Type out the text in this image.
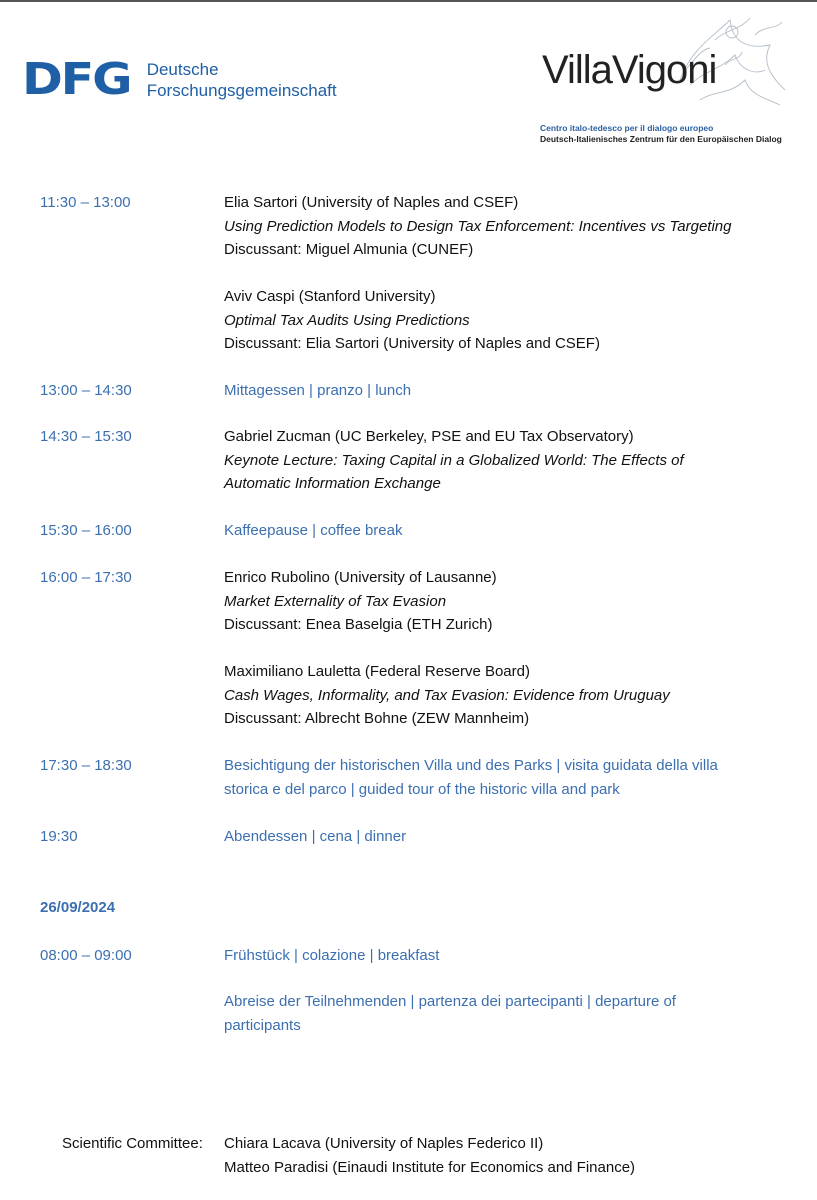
DFG Deutsche
Forschungsgemeinschaft	VillaVigoni
Centro italo-tedesco per il dialogo europeo
Deutsch-Italienisches Zentrum für den Europäischen Dialog
11:30 – 13:00	Elia Sartori (University of Naples and CSEF)
Using Prediction Models to Design Tax Enforcement: Incentives vs Targeting
Discussant: Miguel Almunia (CUNEF)
Aviv Caspi (Stanford University)
Optimal Tax Audits Using Predictions
Discussant: Elia Sartori (University of Naples and CSEF)
13:00 – 14:30	Mittagessen | pranzo | lunch
14:30 – 15:30	Gabriel Zucman (UC Berkeley, PSE and EU Tax Observatory)
Keynote Lecture: Taxing Capital in a Globalized World: The Effects of
Automatic Information Exchange
15:30 – 16:00	Kaffeepause | coffee break
16:00 – 17:30	Enrico Rubolino (University of Lausanne)
Market Externality of Tax Evasion
Discussant: Enea Baselgia (ETH Zurich)
Maximiliano Lauletta (Federal Reserve Board)
Cash Wages, Informality, and Tax Evasion: Evidence from Uruguay
Discussant: Albrecht Bohne (ZEW Mannheim)
17:30 – 18:30	Besichtigung der historischen Villa und des Parks | visita guidata della villa
storica e del parco | guided tour of the historic villa and park
19:30	Abendessen | cena | dinner
26/09/2024
08:00 – 09:00	Frühstück | colazione | breakfast
Abreise der Teilnehmenden | partenza dei partecipanti | departure of
participants
Scientific Committee: Chiara Lacava (University of Naples Federico II)
Matteo Paradisi (Einaudi Institute for Economics and Finance)
